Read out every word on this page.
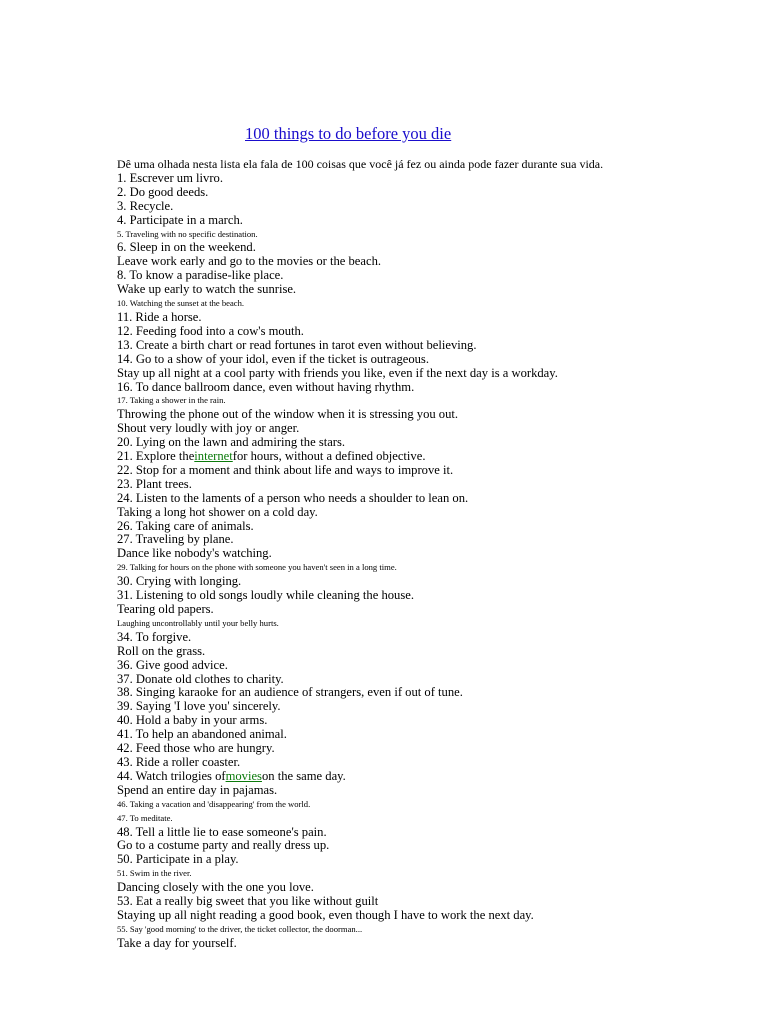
100 things to do before you die
Dê uma olhada nesta lista ela fala de 100 coisas que você já fez ou ainda pode fazer durante sua vida.
1. Escrever um livro.
2. Do good deeds.
3. Recycle.
4. Participate in a march.
5. Traveling with no specific destination.
6. Sleep in on the weekend.
Leave work early and go to the movies or the beach.
8. To know a paradise-like place.
Wake up early to watch the sunrise.
10. Watching the sunset at the beach.
11. Ride a horse.
12. Feeding food into a cow's mouth.
13. Create a birth chart or read fortunes in tarot even without believing.
14. Go to a show of your idol, even if the ticket is outrageous.
Stay up all night at a cool party with friends you like, even if the next day is a workday.
16. To dance ballroom dance, even without having rhythm.
17. Taking a shower in the rain.
Throwing the phone out of the window when it is stressing you out.
Shout very loudly with joy or anger.
20. Lying on the lawn and admiring the stars.
21. Explore theinternetfor hours, without a defined objective.
22. Stop for a moment and think about life and ways to improve it.
23. Plant trees.
24. Listen to the laments of a person who needs a shoulder to lean on.
Taking a long hot shower on a cold day.
26. Taking care of animals.
27. Traveling by plane.
Dance like nobody's watching.
29. Talking for hours on the phone with someone you haven't seen in a long time.
30. Crying with longing.
31. Listening to old songs loudly while cleaning the house.
Tearing old papers.
Laughing uncontrollably until your belly hurts.
34. To forgive.
Roll on the grass.
36. Give good advice.
37. Donate old clothes to charity.
38. Singing karaoke for an audience of strangers, even if out of tune.
39. Saying 'I love you' sincerely.
40. Hold a baby in your arms.
41. To help an abandoned animal.
42. Feed those who are hungry.
43. Ride a roller coaster.
44. Watch trilogies ofmovieson the same day.
Spend an entire day in pajamas.
46. Taking a vacation and 'disappearing' from the world.
47. To meditate.
48. Tell a little lie to ease someone's pain.
Go to a costume party and really dress up.
50. Participate in a play.
51. Swim in the river.
Dancing closely with the one you love.
53. Eat a really big sweet that you like without guilt
Staying up all night reading a good book, even though I have to work the next day.
55. Say 'good morning' to the driver, the ticket collector, the doorman...
Take a day for yourself.
